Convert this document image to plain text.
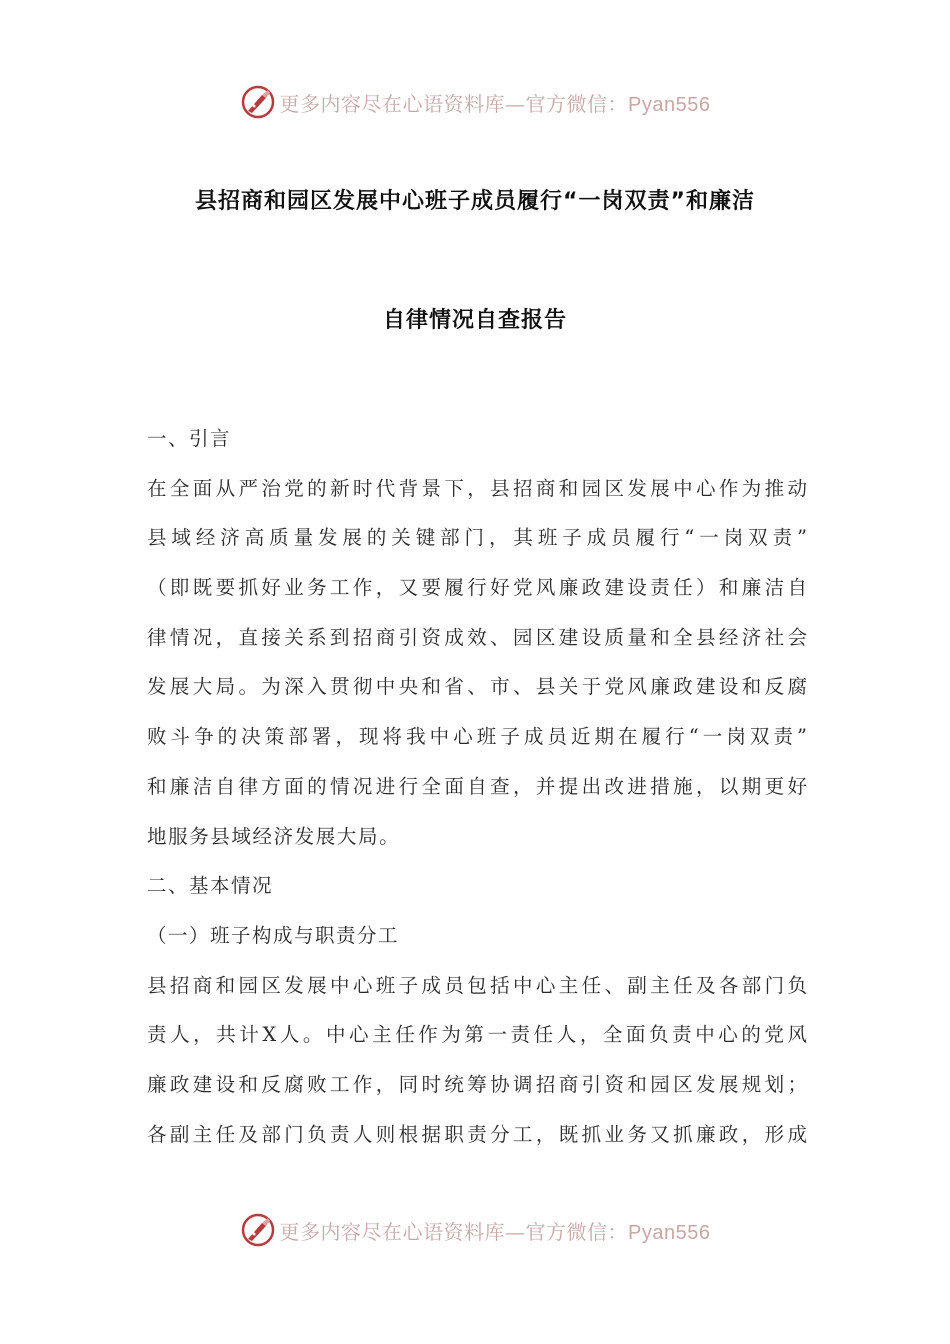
更多内容尽在心语资料库—官方微信：Pyan556
县招商和园区发展中心班子成员履行“一岗双责”和廉洁
自律情况自查报告
一、引言
在全面从严治党的新时代背景下，县招商和园区发展中心作为推动
县域经济高质量发展的关键部门，其班子成员履行“一岗双责”
（即既要抓好业务工作，又要履行好党风廉政建设责任）和廉洁自
律情况，直接关系到招商引资成效、园区建设质量和全县经济社会
发展大局。为深入贯彻中央和省、市、县关于党风廉政建设和反腐
败斗争的决策部署，现将我中心班子成员近期在履行“一岗双责”
和廉洁自律方面的情况进行全面自查，并提出改进措施，以期更好
地服务县域经济发展大局。
二、基本情况
（一）班子构成与职责分工
县招商和园区发展中心班子成员包括中心主任、副主任及各部门负
责人，共计X人。中心主任作为第一责任人，全面负责中心的党风
廉政建设和反腐败工作，同时统筹协调招商引资和园区发展规划；
各副主任及部门负责人则根据职责分工，既抓业务又抓廉政，形成
更多内容尽在心语资料库—官方微信：Pyan556
